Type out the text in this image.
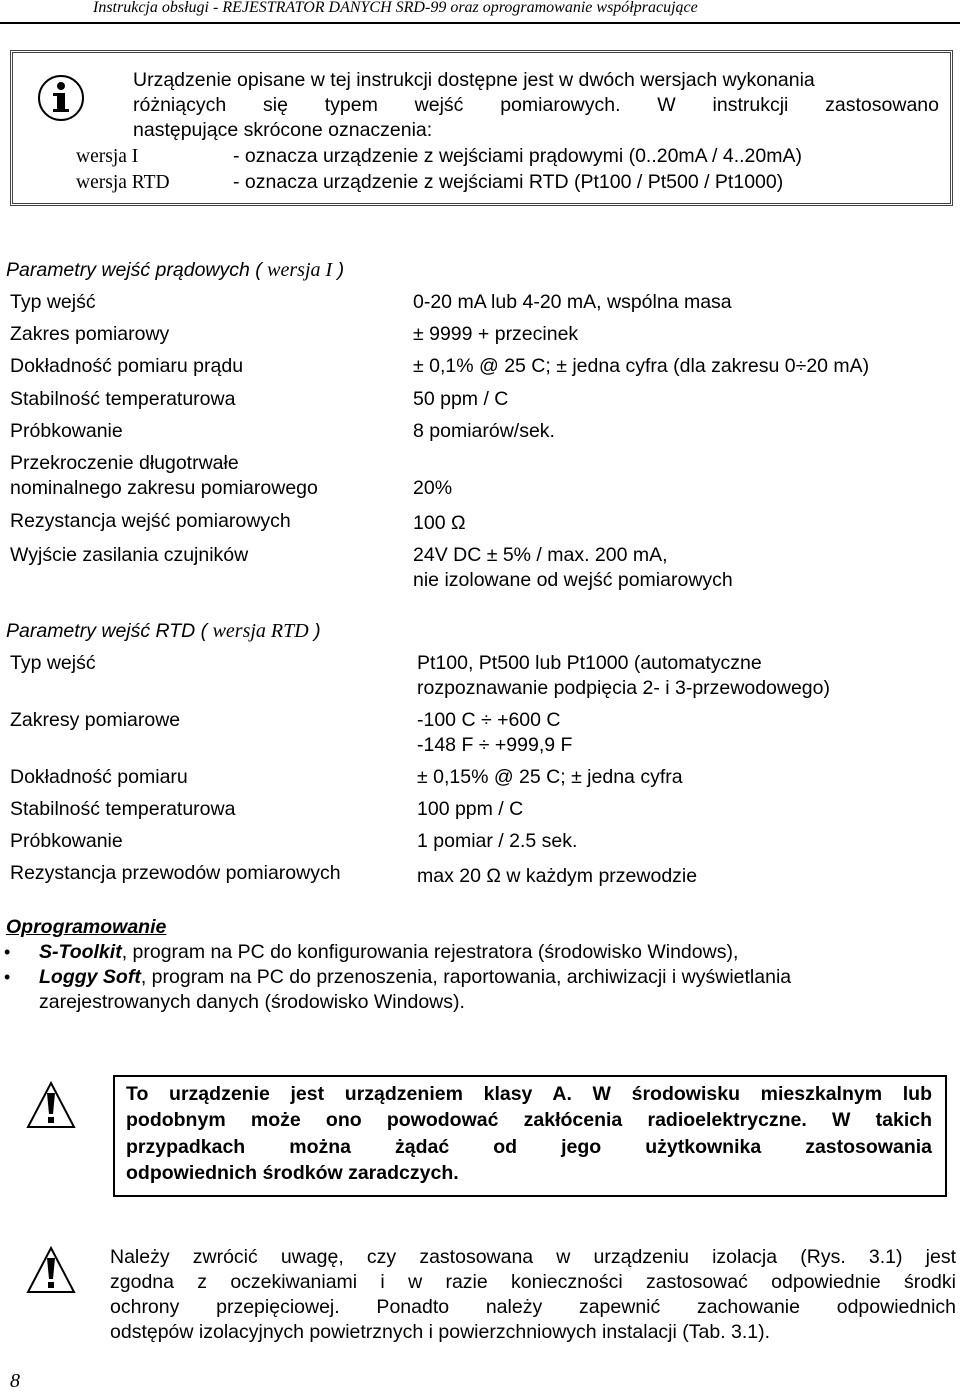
Instrukcja obsługi - REJESTRATOR DANYCH SRD-99 oraz oprogramowanie współpracujące
Urządzenie opisane w tej instrukcji dostępne jest w dwóch wersjach wykonania
różniących się typem wejść pomiarowych. W instrukcji zastosowano
następujące skrócone oznaczenia:
wersja I	- oznacza urządzenie z wejściami prądowymi (0..20mA / 4..20mA)
wersja RTD	- oznacza urządzenie z wejściami RTD (Pt100 / Pt500 / Pt1000)
Parametry wejść prądowych ( wersja I )
Typ wejść	0-20 mA lub 4-20 mA, wspólna masa
Zakres pomiarowy	± 9999 + przecinek
Dokładność pomiaru prądu	± 0,1% @ 25 C; ± jedna cyfra (dla zakresu 0÷20 mA)
Stabilność temperaturowa	50 ppm / C
Próbkowanie	8 pomiarów/sek.
Przekroczenie długotrwałe
nominalnego zakresu pomiarowego	20%
Rezystancja wejść pomiarowych	100 Ω
Wyjście zasilania czujników	24V DC ± 5% / max. 200 mA,
nie izolowane od wejść pomiarowych
Parametry wejść RTD ( wersja RTD )
Typ wejść	Pt100, Pt500 lub Pt1000 (automatyczne
rozpoznawanie podpięcia 2- i 3-przewodowego)
Zakresy pomiarowe	-100 C ÷ +600 C
-148 F ÷ +999,9 F
Dokładność pomiaru	± 0,15% @ 25 C; ± jedna cyfra
Stabilność temperaturowa	100 ppm / C
Próbkowanie	1 pomiar / 2.5 sek.
Rezystancja przewodów pomiarowych	max 20 Ω w każdym przewodzie
Oprogramowanie
• S-Toolkit, program na PC do konfigurowania rejestratora (środowisko Windows),
• Loggy Soft, program na PC do przenoszenia, raportowania, archiwizacji i wyświetlania
zarejestrowanych danych (środowisko Windows).
To urządzenie jest urządzeniem klasy A. W środowisku mieszkalnym lub
podobnym może ono powodować zakłócenia radioelektryczne. W takich
przypadkach można żądać od jego użytkownika zastosowania
odpowiednich środków zaradczych.
Należy zwrócić uwagę, czy zastosowana w urządzeniu izolacja (Rys. 3.1) jest
zgodna z oczekiwaniami i w razie konieczności zastosować odpowiednie środki
ochrony przepięciowej. Ponadto należy zapewnić zachowanie odpowiednich
odstępów izolacyjnych powietrznych i powierzchniowych instalacji (Tab. 3.1).
8
